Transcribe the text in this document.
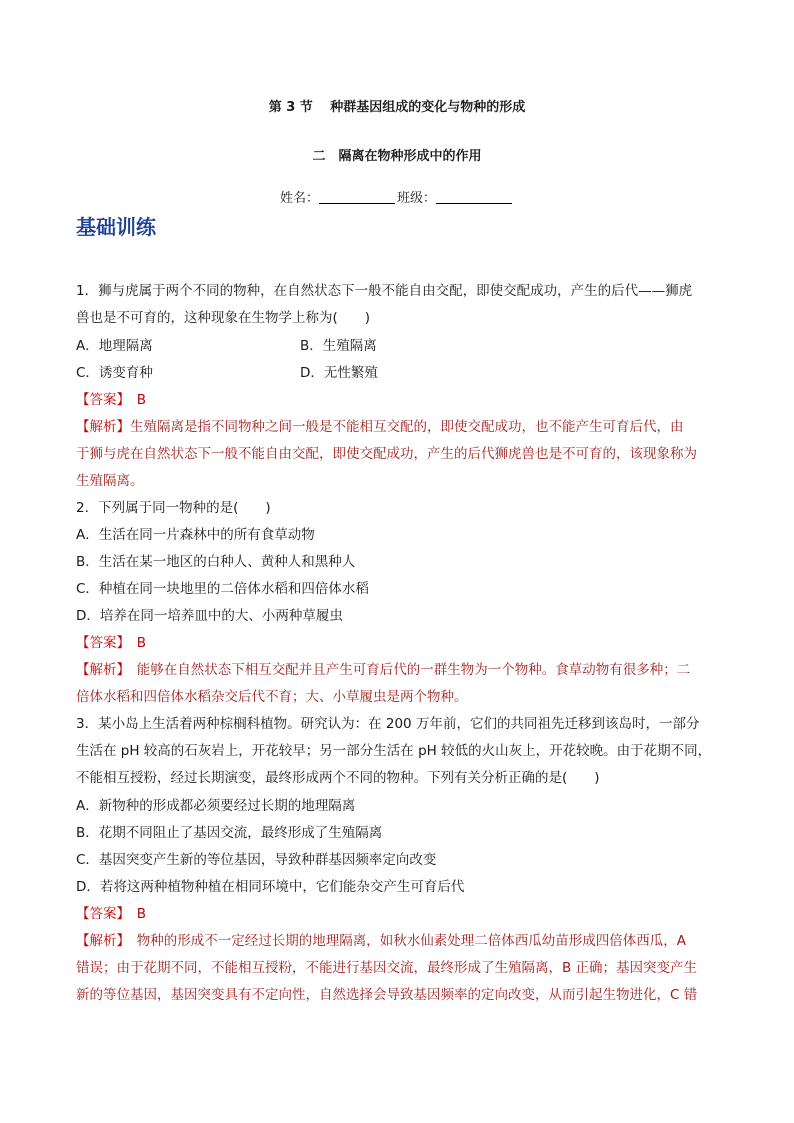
第 3 节　 种群基因组成的变化与物种的形成
二　隔离在物种形成中的作用
姓名：	班级：
基础训练
1．狮与虎属于两个不同的物种，在自然状态下一般不能自由交配，即使交配成功，产生的后代——狮虎
兽也是不可育的，这种现象在生物学上称为(　　)
A．地理隔离	B．生殖隔离
C．诱变育种	D．无性繁殖
【答案】　B
【解析】生殖隔离是指不同物种之间一般是不能相互交配的，即使交配成功，也不能产生可育后代，由
于狮与虎在自然状态下一般不能自由交配，即使交配成功，产生的后代狮虎兽也是不可育的，该现象称为
生殖隔离。
2．下列属于同一物种的是(　　)
A．生活在同一片森林中的所有食草动物
B．生活在某一地区的白种人、黄种人和黑种人
C．种植在同一块地里的二倍体水稻和四倍体水稻
D．培养在同一培养皿中的大、小两种草履虫
【答案】　B
【解析】　能够在自然状态下相互交配并且产生可育后代的一群生物为一个物种。食草动物有很多种；二
倍体水稻和四倍体水稻杂交后代不育；大、小草履虫是两个物种。
3．某小岛上生活着两种棕榈科植物。研究认为：在 200 万年前，它们的共同祖先迁移到该岛时，一部分
生活在 pH 较高的石灰岩上，开花较早；另一部分生活在 pH 较低的火山灰上，开花较晚。由于花期不同，
不能相互授粉，经过长期演变，最终形成两个不同的物种。下列有关分析正确的是(　　)
A．新物种的形成都必须要经过长期的地理隔离
B．花期不同阻止了基因交流，最终形成了生殖隔离
C．基因突变产生新的等位基因，导致种群基因频率定向改变
D．若将这两种植物种植在相同环境中，它们能杂交产生可育后代
【答案】　B
【解析】　物种的形成不一定经过长期的地理隔离，如秋水仙素处理二倍体西瓜幼苗形成四倍体西瓜，A
错误；由于花期不同，不能相互授粉，不能进行基因交流，最终形成了生殖隔离，B 正确；基因突变产生
新的等位基因，基因突变具有不定向性，自然选择会导致基因频率的定向改变，从而引起生物进化，C 错
